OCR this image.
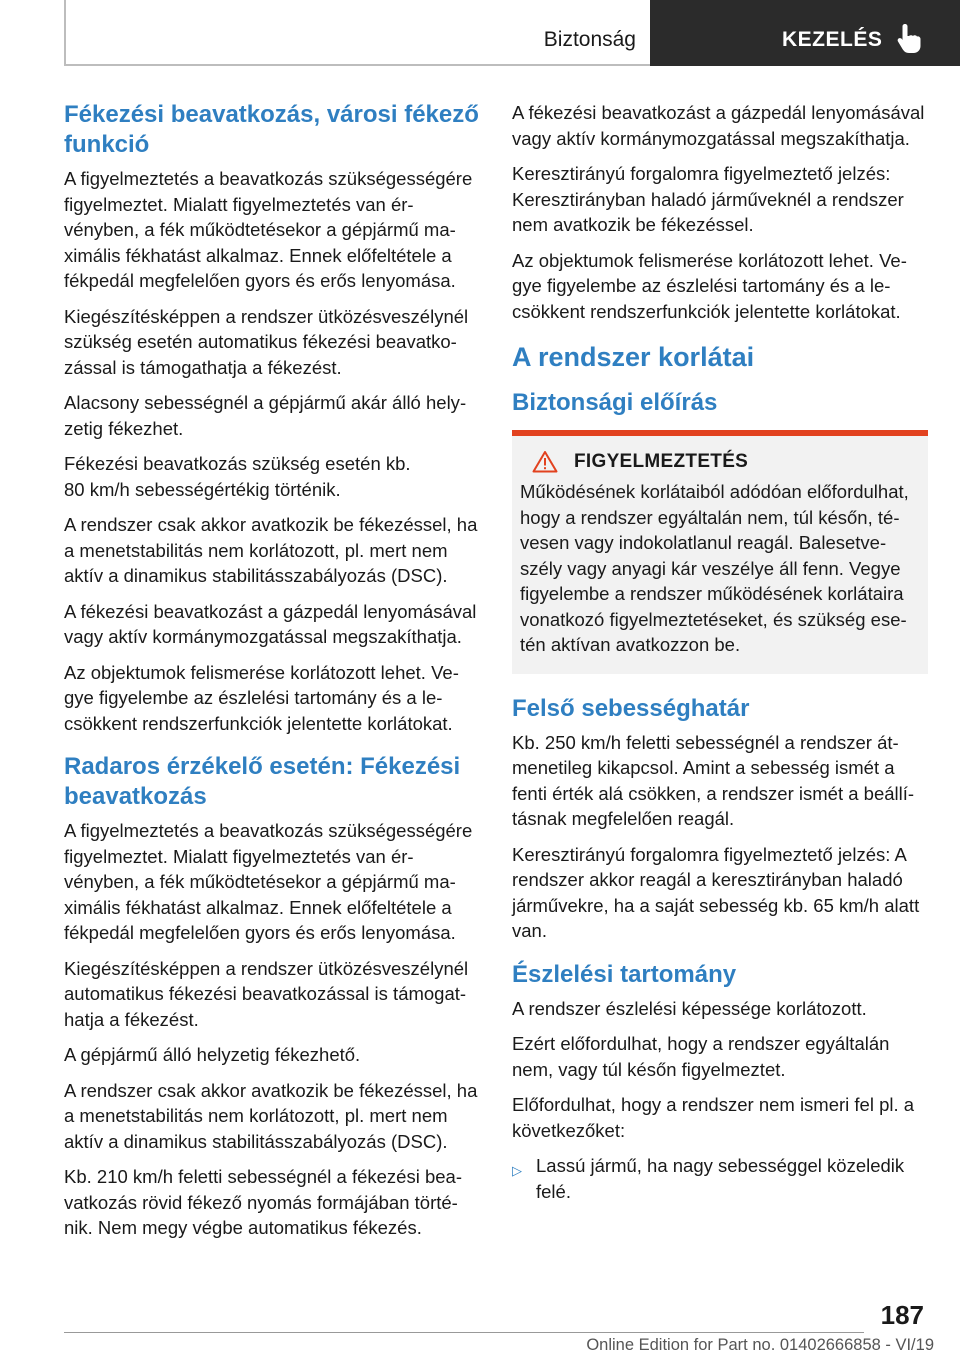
Biztonság	KEZELÉS
Fékezési beavatkozás, városi fékező funkció

A figyelmeztetés a beavatkozás szükségességére figyelmeztet. Mialatt figyelmeztetés van érvényben, a fék működtetésekor a gépjármű maximális fékhatást alkalmaz. Ennek előfeltétele a fékpedál megfelelően gyors és erős lenyomása.

Kiegészítésképpen a rendszer ütközésveszélynél szükség esetén automatikus fékezési beavatkozással is támogathatja a fékezést.

Alacsony sebességnél a gépjármű akár álló helyzetig fékezhet.

Fékezési beavatkozás szükség esetén kb.
80 km/h sebességértékig történik.

A rendszer csak akkor avatkozik be fékezéssel, ha a menetstabilitás nem korlátozott, pl. mert nem aktív a dinamikus stabilitásszabályozás (DSC).

A fékezési beavatkozást a gázpedál lenyomásával vagy aktív kormánymozgatással megszakíthatja.

Az objektumok felismerése korlátozott lehet. Vegye figyelembe az észlelési tartomány és a lecsökkent rendszerfunkciók jelentette korlátokat.

Radaros érzékelő esetén: Fékezési beavatkozás

A figyelmeztetés a beavatkozás szükségességére figyelmeztet. Mialatt figyelmeztetés van érvényben, a fék működtetésekor a gépjármű maximális fékhatást alkalmaz. Ennek előfeltétele a fékpedál megfelelően gyors és erős lenyomása.

Kiegészítésképpen a rendszer ütközésveszélynél automatikus fékezési beavatkozással is támogathatja a fékezést.

A gépjármű álló helyzetig fékezhető.

A rendszer csak akkor avatkozik be fékezéssel, ha a menetstabilitás nem korlátozott, pl. mert nem aktív a dinamikus stabilitásszabályozás (DSC).

Kb. 210 km/h feletti sebességnél a fékezési beavatkozás rövid fékező nyomás formájában történik. Nem megy végbe automatikus fékezés.

A fékezési beavatkozást a gázpedál lenyomásával vagy aktív kormánymozgatással megszakíthatja.

Keresztirányú forgalomra figyelmeztető jelzés: Keresztirányban haladó járműveknél a rendszer nem avatkozik be fékezéssel.

Az objektumok felismerése korlátozott lehet. Vegye figyelembe az észlelési tartomány és a lecsökkent rendszerfunkciók jelentette korlátokat.

A rendszer korlátai
Biztonsági előírás
FIGYELMEZTETÉS

Működésének korlátaiból adódóan előfordulhat, hogy a rendszer egyáltalán nem, túl későn, tévesen vagy indokolatlanul reagál. Balesetveszély vagy anyagi kár veszélye áll fenn. Vegye figyelembe a rendszer működésének korlátaira vonatkozó figyelmeztetéseket, és szükség esetén aktívan avatkozzon be.

Felső sebességhatár

Kb. 250 km/h feletti sebességnél a rendszer átmenetileg kikapcsol. Amint a sebesség ismét a fenti érték alá csökken, a rendszer ismét a beállításnak megfelelően reagál.

Keresztirányú forgalomra figyelmeztető jelzés: A rendszer akkor reagál a keresztirányban haladó járművekre, ha a saját sebesség kb. 65 km/h alatt van.

Észlelési tartomány

A rendszer észlelési képessége korlátozott.

Ezért előfordulhat, hogy a rendszer egyáltalán nem, vagy túl későn figyelmeztet.

Előfordulhat, hogy a rendszer nem ismeri fel pl. a következőket:

▷ Lassú jármű, ha nagy sebességgel közeledik felé.
187
Online Edition for Part no. 01402666858 - VI/19
